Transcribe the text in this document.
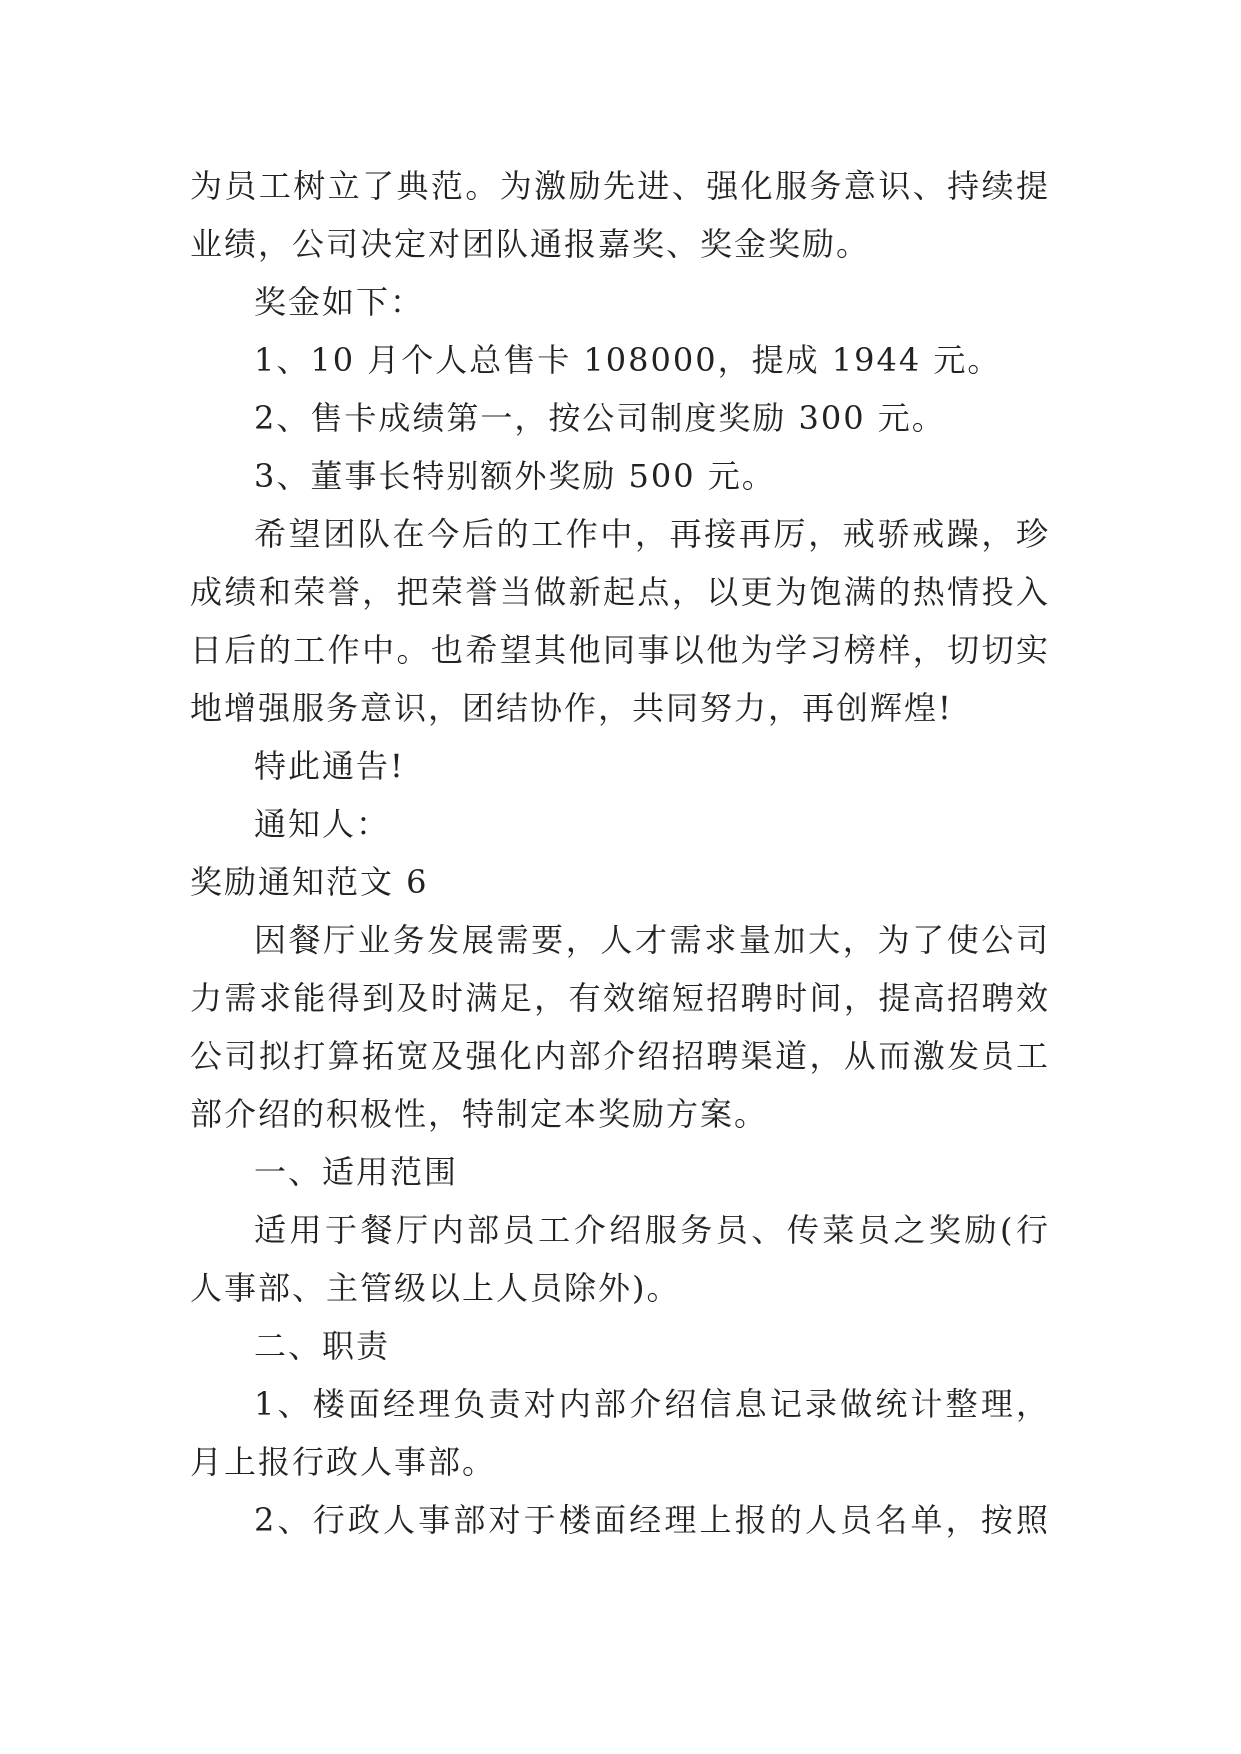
为员工树立了典范。为激励先进、强化服务意识、持续提
业绩，公司决定对团队通报嘉奖、奖金奖励。
奖金如下：
1、10 月个人总售卡 108000，提成 1944 元。
2、售卡成绩第一，按公司制度奖励 300 元。
3、董事长特别额外奖励 500 元。
希望团队在今后的工作中，再接再厉，戒骄戒躁，珍
成绩和荣誉，把荣誉当做新起点，以更为饱满的热情投入
日后的工作中。也希望其他同事以他为学习榜样，切切实
地增强服务意识，团结协作，共同努力，再创辉煌!
特此通告!
通知人：
奖励通知范文 6
因餐厅业务发展需要，人才需求量加大，为了使公司
力需求能得到及时满足，有效缩短招聘时间，提高招聘效
公司拟打算拓宽及强化内部介绍招聘渠道，从而激发员工
部介绍的积极性，特制定本奖励方案。
一、适用范围
适用于餐厅内部员工介绍服务员、传菜员之奖励(行
人事部、主管级以上人员除外)。
二、职责
1、楼面经理负责对内部介绍信息记录做统计整理，
月上报行政人事部。
2、行政人事部对于楼面经理上报的人员名单，按照
